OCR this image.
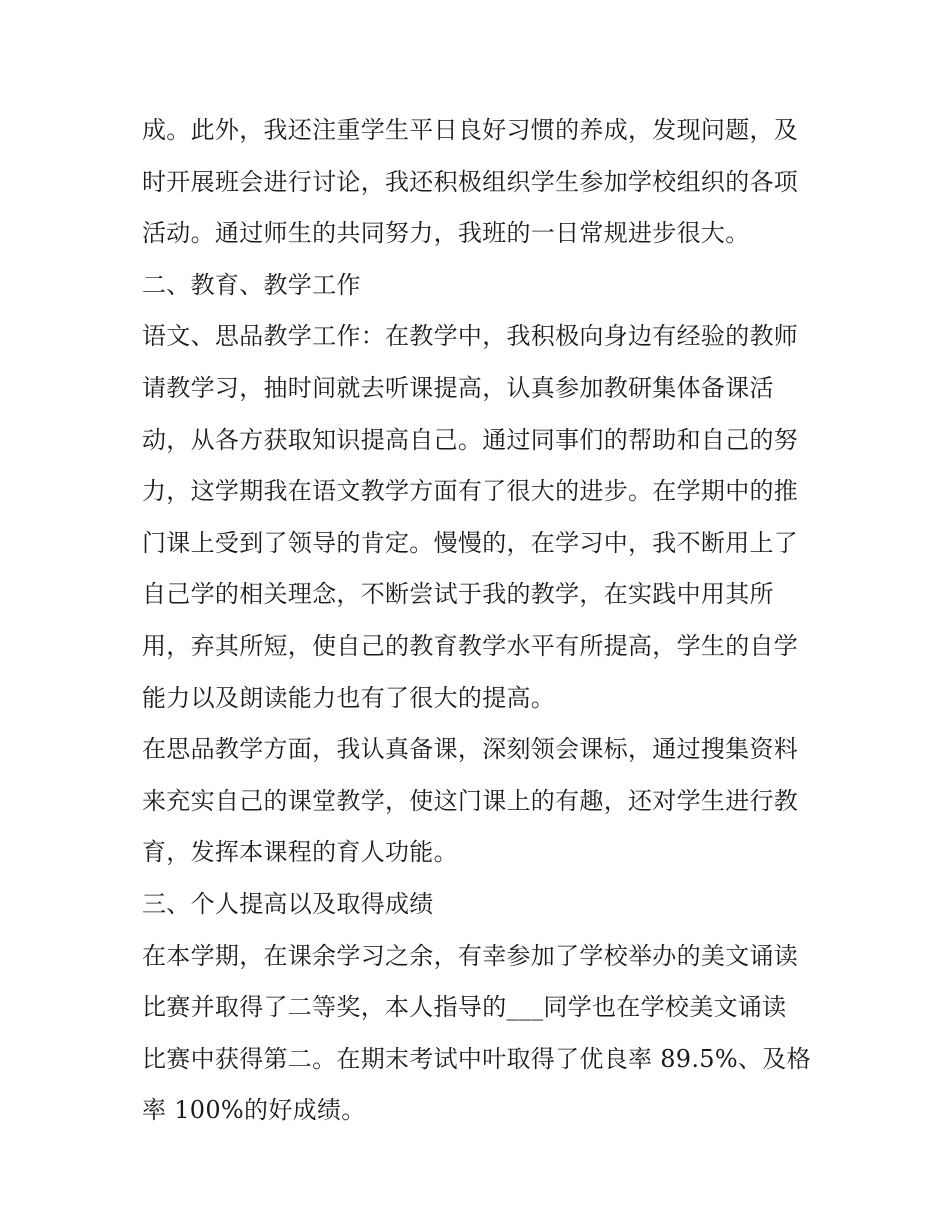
成。此外，我还注重学生平日良好习惯的养成，发现问题，及
时开展班会进行讨论，我还积极组织学生参加学校组织的各项
活动。通过师生的共同努力，我班的一日常规进步很大。
二、教育、教学工作
语文、思品教学工作：在教学中，我积极向身边有经验的教师
请教学习，抽时间就去听课提高，认真参加教研集体备课活
动，从各方获取知识提高自己。通过同事们的帮助和自己的努
力，这学期我在语文教学方面有了很大的进步。在学期中的推
门课上受到了领导的肯定。慢慢的，在学习中，我不断用上了
自己学的相关理念，不断尝试于我的教学，在实践中用其所
用，弃其所短，使自己的教育教学水平有所提高，学生的自学
能力以及朗读能力也有了很大的提高。
在思品教学方面，我认真备课，深刻领会课标，通过搜集资料
来充实自己的课堂教学，使这门课上的有趣，还对学生进行教
育，发挥本课程的育人功能。
三、个人提高以及取得成绩
在本学期，在课余学习之余，有幸参加了学校举办的美文诵读
比赛并取得了二等奖，本人指导的___同学也在学校美文诵读
比赛中获得第二。在期末考试中叶取得了优良率 89.5%、及格
率 100%的好成绩。
